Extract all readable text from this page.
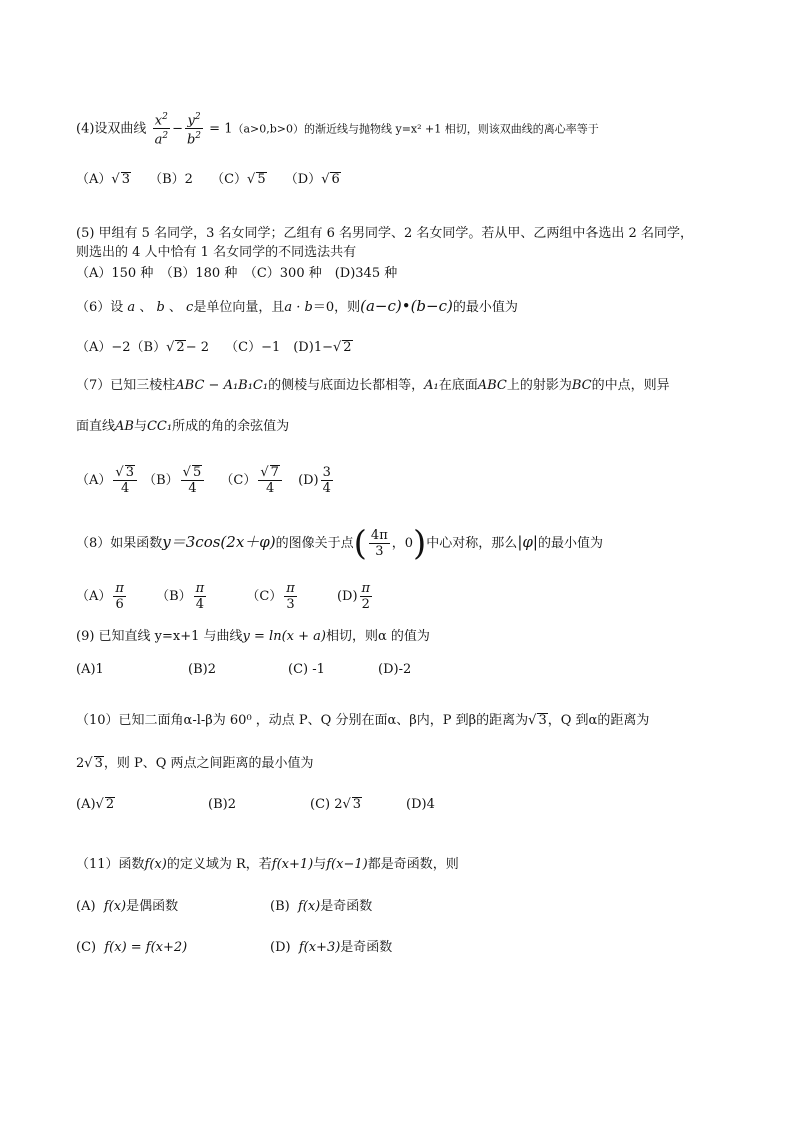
(4)设双曲线 $\frac{x^2}{a^2} - \frac{y^2}{b^2} = 1(a>0,b>0)$的渐近线与抛物线 y=x² +1 相切，则该双曲线的离心率等于
（A）√ 3 （B）2 （C）√ 5 （D）√ 6
(5) 甲组有 5 名同学，3 名女同学；乙组有 6 名男同学、2 名女同学。若从甲、乙两组中各选出 2 名同学，
则选出的 4 人中恰有 1 名女同学的不同选法共有
（A）150 种　（B）180 种　（C）300 种　(D)345 种
（6）设 a 、 b 、 c是单位向量，且a · b＝0，则(a−c)•(b−c)的最小值为
（A）−2（B）√ 2− 2 （C）−1　(D)1−√ 2
（7）已知三棱柱ABC − A₁B₁C₁的侧棱与底面边长都相等，A₁在底面ABC上的射影为BC的中点，则异
面直线AB与CC₁所成的角的余弦值为
$(A) \frac{√ 3}{4} (B) \frac{√ 5}{4} (C) \frac{√ 7}{4} (D) \frac{3}{4}$
（8）如果函数y＝3cos(2x＋φ)的图像关于点( $\frac{4\pi}{3}$ ，0)中心对称，那么|φ|的最小值为
$(A) \frac{\pi}{6} (B) \frac{\pi}{4}$	$(C) \frac{\pi}{3}$	$(D) \frac{\pi}{2}$
(9) 已知直线 y=x+1 与曲线y = ln(x + a)相切，则α 的值为
(A)1	(B)2	(C) -1	(D)-2
（10）已知二面角α-l-β为 60⁰ ，动点 P、Q 分别在面α、β内，P 到β的距离为√ 3，Q 到α的距离为
2√ 3，则 P、Q 两点之间距离的最小值为
(A)√ 2	(B)2	(C) 2√ 3	(D)4
（11）函数f(x)的定义域为 R，若f(x+1)与f(x−1)都是奇函数，则
(A) f(x)是偶函数	(B) f(x)是奇函数
(C) f(x) = f(x+2)	(D) f(x+3)是奇函数
